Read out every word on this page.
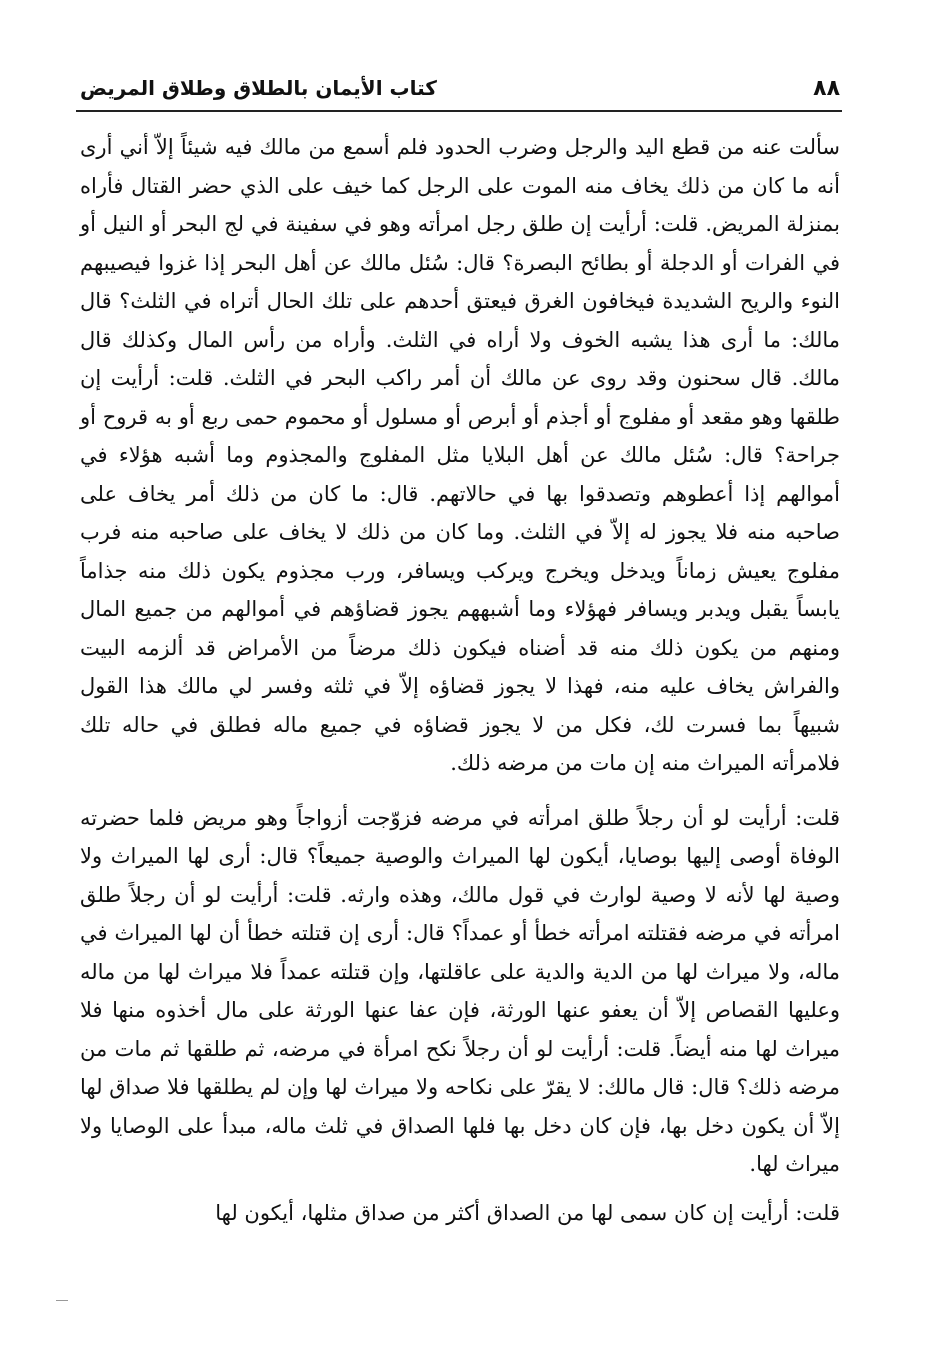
٨٨
كتاب الأيمان بالطلاق وطلاق المريض

سألت عنه من قطع اليد والرجل وضرب الحدود فلم أسمع من مالك فيه شيئاً إلاّ أني أرى أنه ما كان من ذلك يخاف منه الموت على الرجل كما خيف على الذي حضر القتال فأراه بمنزلة المريض. قلت: أرأيت إن طلق رجل امرأته وهو في سفينة في لج البحر أو النيل أو في الفرات أو الدجلة أو بطائح البصرة؟ قال: سُئل مالك عن أهل البحر إذا غزوا فيصيبهم النوء والريح الشديدة فيخافون الغرق فيعتق أحدهم على تلك الحال أتراه في الثلث؟ قال مالك: ما أرى هذا يشبه الخوف ولا أراه في الثلث. وأراه من رأس المال وكذلك قال مالك. قال سحنون وقد روى عن مالك أن أمر راكب البحر في الثلث. قلت: أرأيت إن طلقها وهو مقعد أو مفلوج أو أجذم أو أبرص أو مسلول أو محموم حمى ربع أو به قروح أو جراحة؟ قال: سُئل مالك عن أهل البلايا مثل المفلوج والمجذوم وما أشبه هؤلاء في أموالهم إذا أعطوهم وتصدقوا بها في حالاتهم. قال: ما كان من ذلك أمر يخاف على صاحبه منه فلا يجوز له إلاّ في الثلث. وما كان من ذلك لا يخاف على صاحبه منه فرب مفلوج يعيش زماناً ويدخل ويخرج ويركب ويسافر، ورب مجذوم يكون ذلك منه جذاماً يابساً يقبل ويدبر ويسافر فهؤلاء وما أشبههم يجوز قضاؤهم في أموالهم من جميع المال ومنهم من يكون ذلك منه قد أضناه فيكون ذلك مرضاً من الأمراض قد ألزمه البيت والفراش يخاف عليه منه، فهذا لا يجوز قضاؤه إلاّ في ثلثه وفسر لي مالك هذا القول شبيهاً بما فسرت لك، فكل من لا يجوز قضاؤه في جميع ماله فطلق في حاله تلك فلامرأته الميراث منه إن مات من مرضه ذلك.

قلت: أرأيت لو أن رجلاً طلق امرأته في مرضه فزوّجت أزواجاً وهو مريض فلما حضرته الوفاة أوصى إليها بوصايا، أيكون لها الميراث والوصية جميعاً؟ قال: أرى لها الميراث ولا وصية لها لأنه لا وصية لوارث في قول مالك، وهذه وارثه. قلت: أرأيت لو أن رجلاً طلق امرأته في مرضه فقتلته امرأته خطأ أو عمداً؟ قال: أرى إن قتلته خطأ أن لها الميراث في ماله، ولا ميراث لها من الدية والدية على عاقلتها، وإن قتلته عمداً فلا ميراث لها من ماله وعليها القصاص إلاّ أن يعفو عنها الورثة، فإن عفا عنها الورثة على مال أخذوه منها فلا ميراث لها منه أيضاً. قلت: أرأيت لو أن رجلاً نكح امرأة في مرضه، ثم طلقها ثم مات من مرضه ذلك؟ قال: قال مالك: لا يقرّ على نكاحه ولا ميراث لها وإن لم يطلقها فلا صداق لها إلاّ أن يكون دخل بها، فإن كان دخل بها فلها الصداق في ثلث ماله، مبدأ على الوصايا ولا ميراث لها.

قلت: أرأيت إن كان سمى لها من الصداق أكثر من صداق مثلها، أيكون لها
